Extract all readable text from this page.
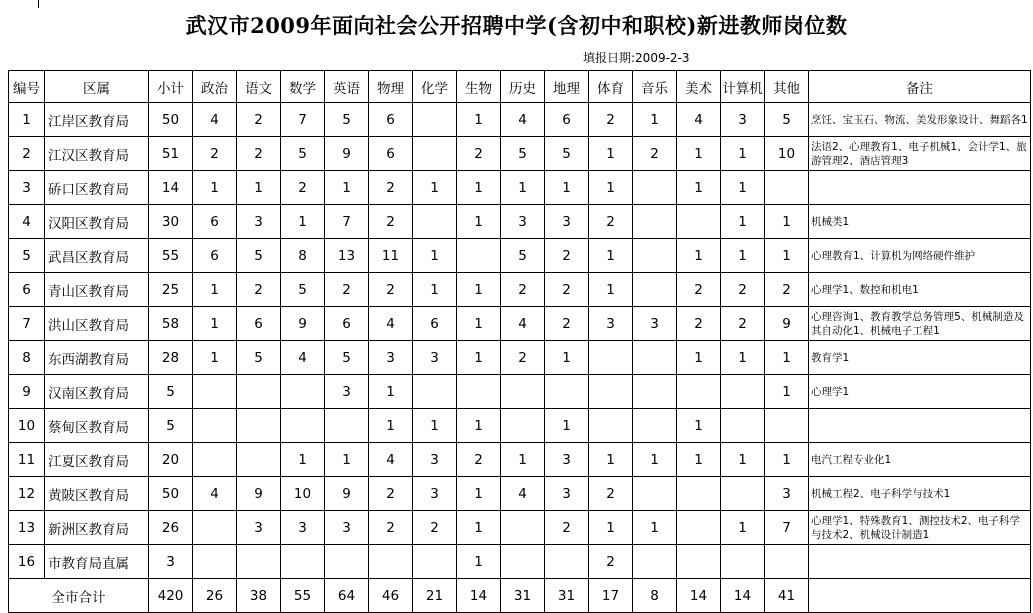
武汉市2009年面向社会公开招聘中学(含初中和职校)新进教师岗位数
填报日期:2009-2-3
编号	区属	小计	政治	语文	数学	英语	物理	化学	生物	历史	地理	体育	音乐	美术	计算机	其他	备注
1	江岸区教育局	50	4	2	7	5	6		1	4	6	2	1	4	3	5	烹饪、宝玉石、物流、美发形象设计、舞蹈各1
2	江汉区教育局	51	2	2	5	9	6		2	5	5	1	2	1	1	10	法语2、心理教育1、电子机械1、会计学1、旅游管理2、酒店管理3
3	硚口区教育局	14	1	1	2	1	2	1	1	1	1	1		1	1		
4	汉阳区教育局	30	6	3	1	7	2		1	3	3	2			1	1	机械类1
5	武昌区教育局	55	6	5	8	13	11	1		5	2	1		1	1	1	心理教育1、计算机为网络硬件维护
6	青山区教育局	25	1	2	5	2	2	1	1	2	2	1		2	2	2	心理学1、数控和机电1
7	洪山区教育局	58	1	6	9	6	4	6	1	4	2	3	3	2	2	9	心理咨询1、教育教学总务管理5、机械制造及其自动化1、机械电子工程1
8	东西湖教育局	28	1	5	4	5	3	3	1	2	1			1	1	1	教育学1
9	汉南区教育局	5				3	1									1	心理学1
10	蔡甸区教育局	5					1	1	1		1			1			
11	江夏区教育局	20			1	1	4	3	2	1	3	1	1	1	1	1	电汽工程专业化1
12	黄陂区教育局	50	4	9	10	9	2	3	1	4	3	2				3	机械工程2、电子科学与技术1
13	新洲区教育局	26		3	3	3	2	2	1		2	1	1		1	7	心理学1、特殊教育1、测控技术2、电子科学与技术2、机械设计制造1
16	市教育局直属	3							1			2					
全市合计		420	26	38	55	64	46	21	14	31	31	17	8	14	14	41	
